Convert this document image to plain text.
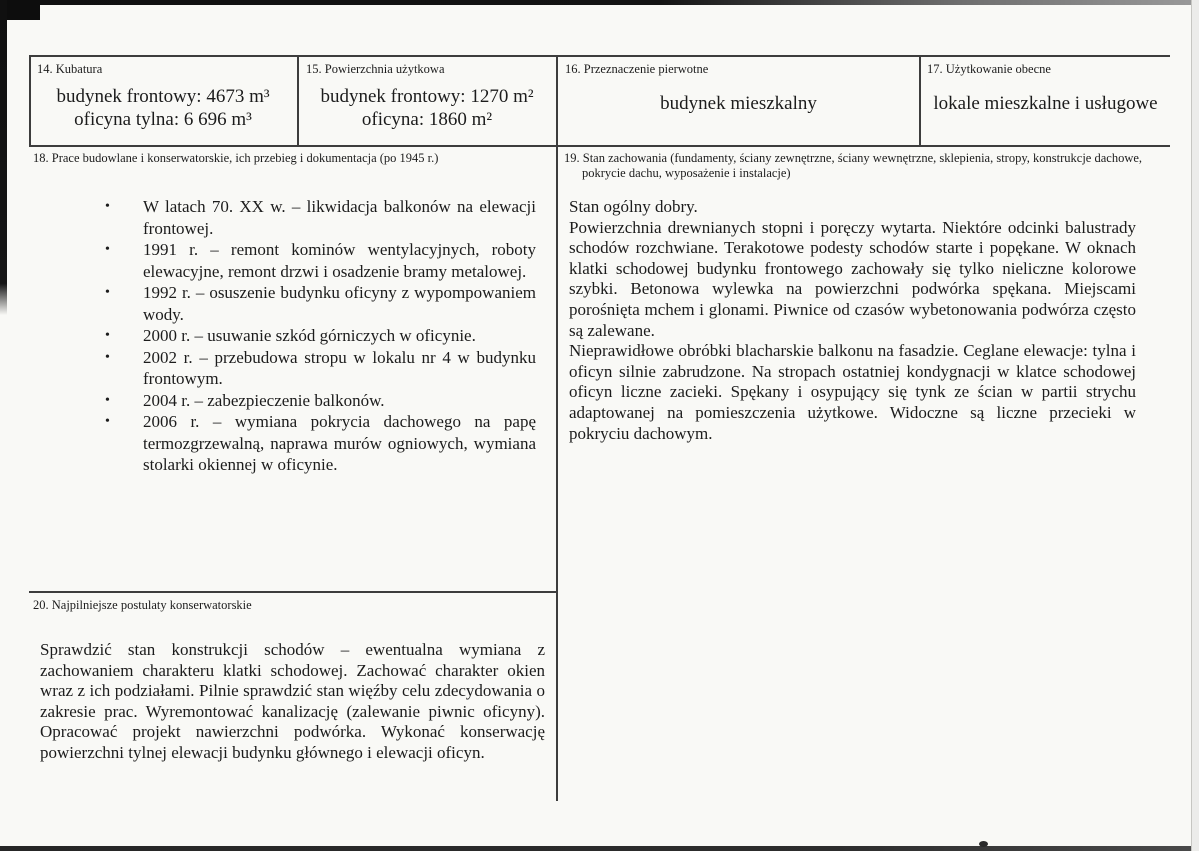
14. Kubatura
budynek frontowy: 4673 m³
oficyna tylna: 6 696 m³
15. Powierzchnia użytkowa
budynek frontowy: 1270 m²
oficyna: 1860 m²
16. Przeznaczenie pierwotne
budynek mieszkalny
17. Użytkowanie obecne
lokale mieszkalne i usługowe
18. Prace budowlane i konserwatorskie, ich przebieg i dokumentacja (po 1945 r.)
•	W latach 70. XX w. – likwidacja balkonów na elewacji frontowej.
•	1991 r. – remont kominów wentylacyjnych, roboty elewacyjne, remont drzwi i osadzenie bramy metalowej.
•	1992 r. – osuszenie budynku oficyny z wypompowaniem wody.
•	2000 r. – usuwanie szkód górniczych w oficynie.
•	2002 r. – przebudowa stropu w lokalu nr 4 w budynku frontowym.
•	2004 r. – zabezpieczenie balkonów.
•	2006 r. – wymiana pokrycia dachowego na papę termozgrzewalną, naprawa murów ogniowych, wymiana stolarki okiennej w oficynie.
19. Stan zachowania (fundamenty, ściany zewnętrzne, ściany wewnętrzne, sklepienia, stropy, konstrukcje dachowe,
pokrycie dachu, wyposażenie i instalacje)

Stan ogólny dobry.

Powierzchnia drewnianych stopni i poręczy wytarta. Niektóre odcinki balustrady schodów rozchwiane. Terakotowe podesty schodów starte i popękane. W oknach klatki schodowej budynku frontowego zachowały się tylko nieliczne kolorowe szybki. Betonowa wylewka na powierzchni podwórka spękana. Miejscami porośnięta mchem i glonami. Piwnice od czasów wybetonowania podwórza często są zalewane.

Nieprawidłowe obróbki blacharskie balkonu na fasadzie. Ceglane elewacje: tylna i oficyn silnie zabrudzone. Na stropach ostatniej kondygnacji w klatce schodowej oficyn liczne zacieki. Spękany i osypujący się tynk ze ścian w partii strychu adaptowanej na pomieszczenia użytkowe. Widoczne są liczne przecieki w pokryciu dachowym.

20. Najpilniejsze postulaty konserwatorskie

Sprawdzić stan konstrukcji schodów – ewentualna wymiana z zachowaniem charakteru klatki schodowej. Zachować charakter okien wraz z ich podziałami. Pilnie sprawdzić stan więźby celu zdecydowania o zakresie prac. Wyremontować kanalizację (zalewanie piwnic oficyny). Opracować projekt nawierzchni podwórka. Wykonać konserwację powierzchni tylnej elewacji budynku głównego i elewacji oficyn.
